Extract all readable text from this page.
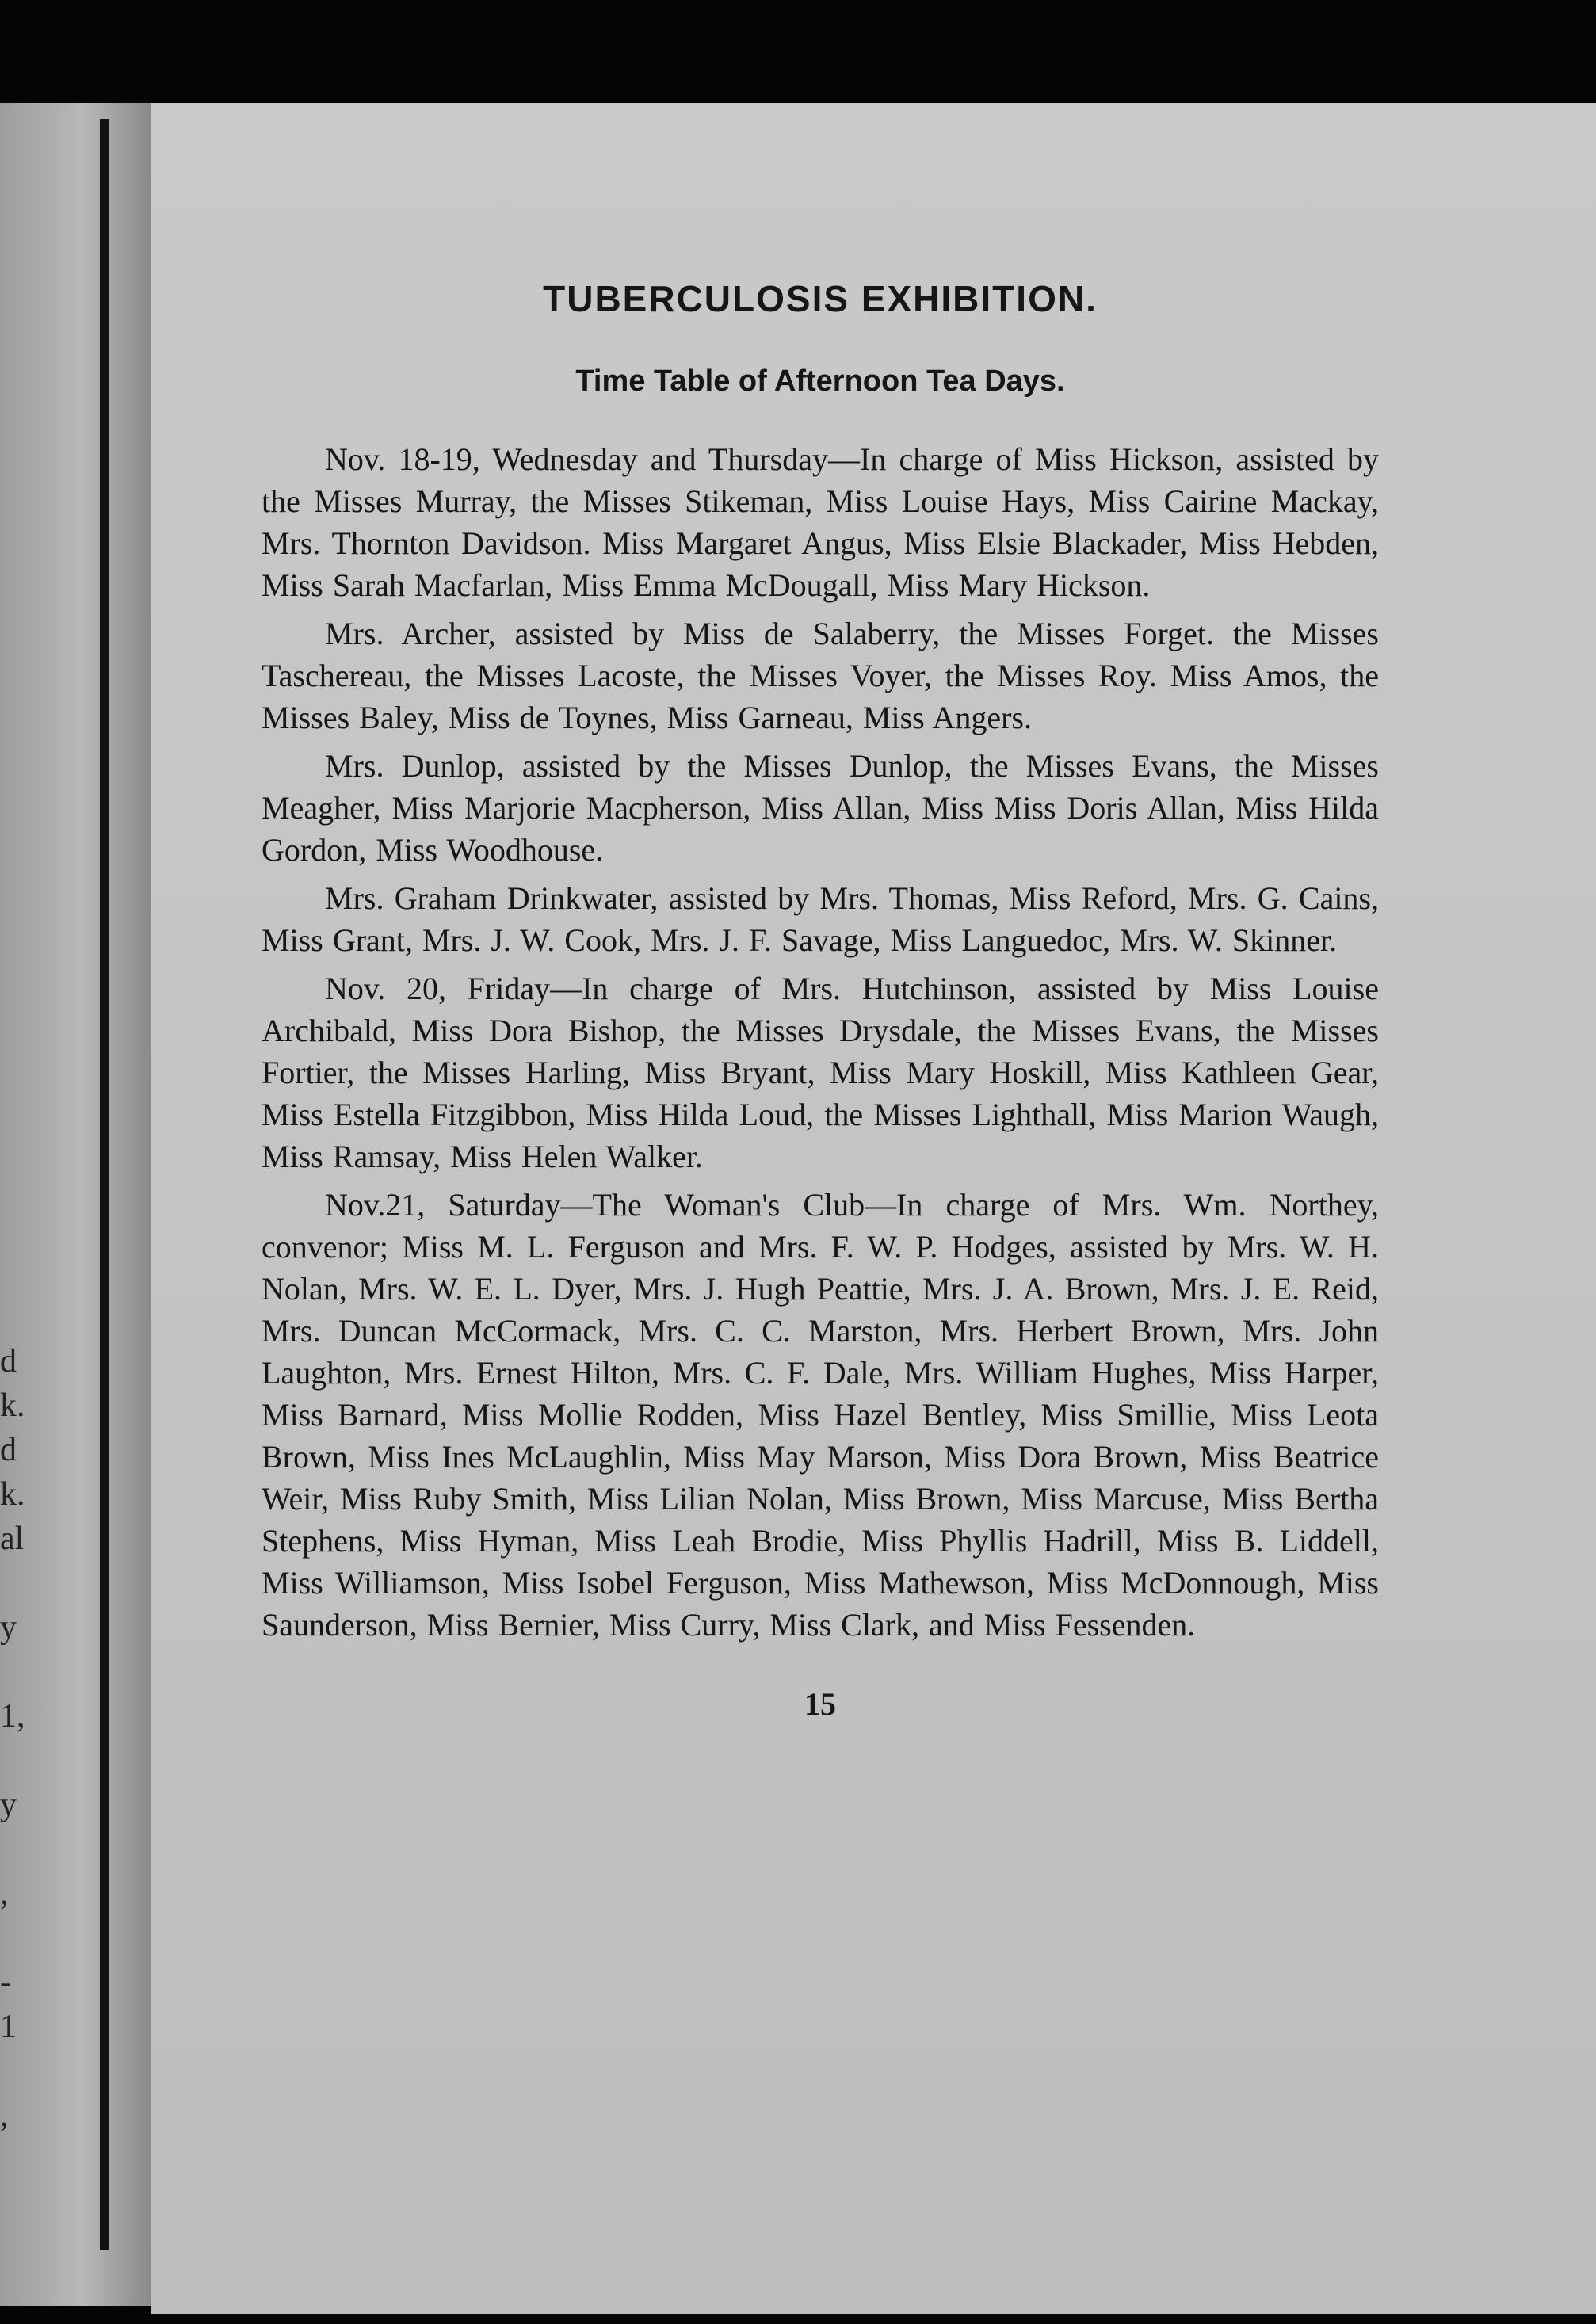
d
k.
d
k.
al
y
1,
y
,
-
1
,
TUBERCULOSIS EXHIBITION.
Time Table of Afternoon Tea Days.

Nov. 18-19, Wednesday and Thursday—In charge of Miss Hickson, assisted by the Misses Murray, the Misses Stikeman, Miss Louise Hays, Miss Cairine Mackay, Mrs. Thornton Davidson. Miss Margaret Angus, Miss Elsie Blackader, Miss Hebden, Miss Sarah Macfarlan, Miss Emma McDougall, Miss Mary Hickson.

Mrs. Archer, assisted by Miss de Salaberry, the Misses Forget. the Misses Taschereau, the Misses Lacoste, the Misses Voyer, the Misses Roy. Miss Amos, the Misses Baley, Miss de Toynes, Miss Garneau, Miss Angers.

Mrs. Dunlop, assisted by the Misses Dunlop, the Misses Evans, the Misses Meagher, Miss Marjorie Macpherson, Miss Allan, Miss Miss Doris Allan, Miss Hilda Gordon, Miss Woodhouse.

Mrs. Graham Drinkwater, assisted by Mrs. Thomas, Miss Reford, Mrs. G. Cains, Miss Grant, Mrs. J. W. Cook, Mrs. J. F. Savage, Miss Languedoc, Mrs. W. Skinner.

Nov. 20, Friday—In charge of Mrs. Hutchinson, assisted by Miss Louise Archibald, Miss Dora Bishop, the Misses Drysdale, the Misses Evans, the Misses Fortier, the Misses Harling, Miss Bryant, Miss Mary Hoskill, Miss Kathleen Gear, Miss Estella Fitzgibbon, Miss Hilda Loud, the Misses Lighthall, Miss Marion Waugh, Miss Ramsay, Miss Helen Walker.

Nov.21, Saturday—The Woman's Club—In charge of Mrs. Wm. Northey, convenor; Miss M. L. Ferguson and Mrs. F. W. P. Hodges, assisted by Mrs. W. H. Nolan, Mrs. W. E. L. Dyer, Mrs. J. Hugh Peattie, Mrs. J. A. Brown, Mrs. J. E. Reid, Mrs. Duncan McCormack, Mrs. C. C. Marston, Mrs. Herbert Brown, Mrs. John Laughton, Mrs. Ernest Hilton, Mrs. C. F. Dale, Mrs. William Hughes, Miss Harper, Miss Barnard, Miss Mollie Rodden, Miss Hazel Bentley, Miss Smillie, Miss Leota Brown, Miss Ines McLaughlin, Miss May Marson, Miss Dora Brown, Miss Beatrice Weir, Miss Ruby Smith, Miss Lilian Nolan, Miss Brown, Miss Marcuse, Miss Bertha Stephens, Miss Hyman, Miss Leah Brodie, Miss Phyllis Hadrill, Miss B. Liddell, Miss Williamson, Miss Isobel Ferguson, Miss Mathewson, Miss McDonnough, Miss Saunderson, Miss Bernier, Miss Curry, Miss Clark, and Miss Fessenden.

15
